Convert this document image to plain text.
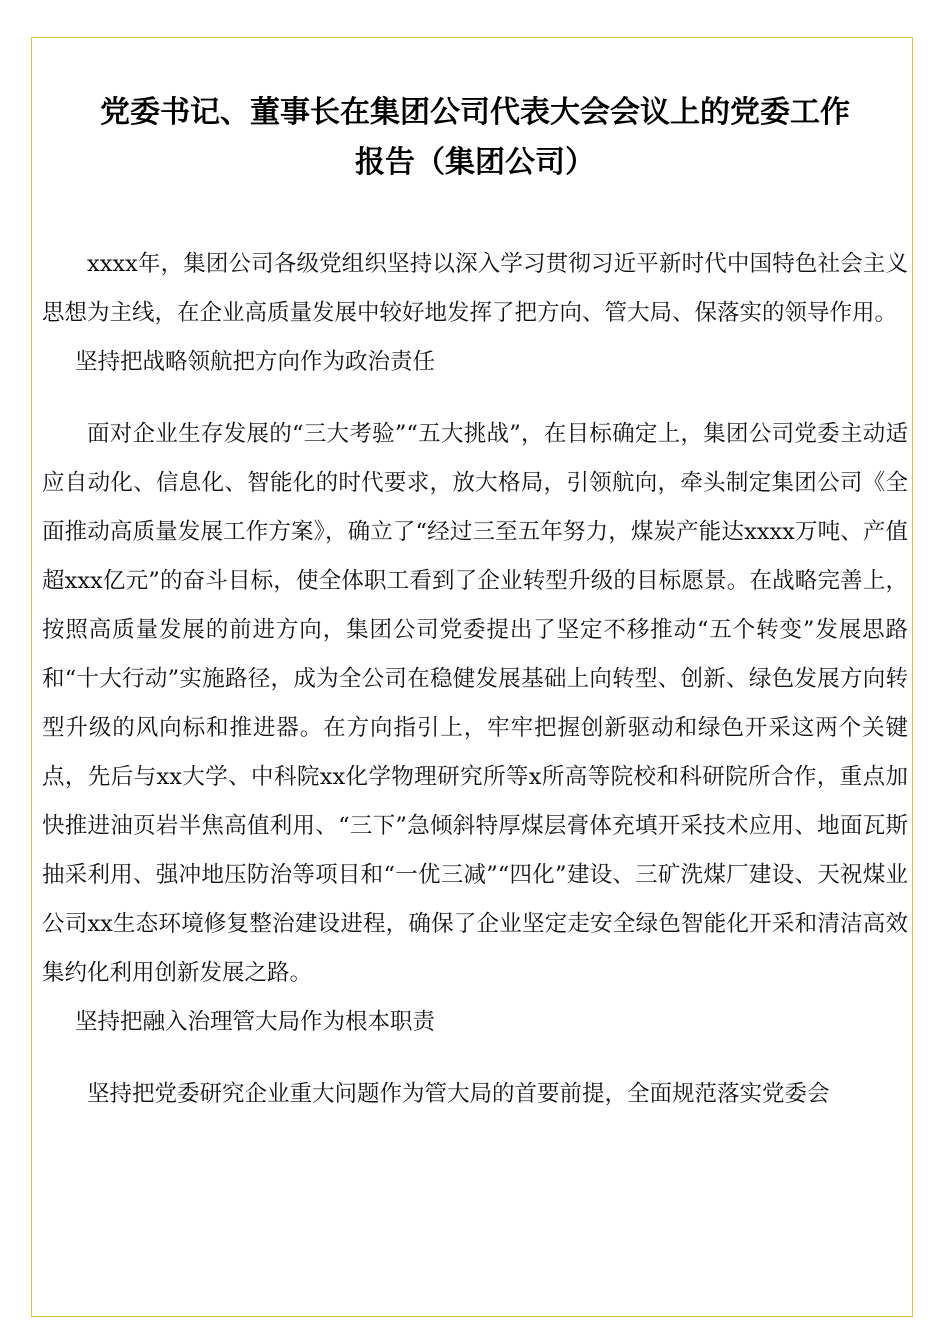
党委书记、董事长在集团公司代表大会会议上的党委工作
报告（集团公司）

xxxx年，集团公司各级党组织坚持以深入学习贯彻习近平新时代中国特色社会主义思想为主线，在企业高质量发展中较好地发挥了把方向、管大局、保落实的领导作用。

坚持把战略领航把方向作为政治责任

面对企业生存发展的“三大考验”“五大挑战”，在目标确定上，集团公司党委主动适应自动化、信息化、智能化的时代要求，放大格局，引领航向，牵头制定集团公司《全面推动高质量发展工作方案》，确立了“经过三至五年努力，煤炭产能达xxxx万吨、产值超xxx亿元”的奋斗目标，使全体职工看到了企业转型升级的目标愿景。在战略完善上，按照高质量发展的前进方向，集团公司党委提出了坚定不移推动“五个转变”发展思路和“十大行动”实施路径，成为全公司在稳健发展基础上向转型、创新、绿色发展方向转型升级的风向标和推进器。在方向指引上，牢牢把握创新驱动和绿色开采这两个关键点，先后与xx大学、中科院xx化学物理研究所等x所高等院校和科研院所合作，重点加快推进油页岩半焦高值利用、“三下”急倾斜特厚煤层膏体充填开采技术应用、地面瓦斯抽采利用、强冲地压防治等项目和“一优三减”“四化”建设、三矿洗煤厂建设、天祝煤业公司xx生态环境修复整治建设进程，确保了企业坚定走安全绿色智能化开采和清洁高效集约化利用创新发展之路。

坚持把融入治理管大局作为根本职责

坚持把党委研究企业重大问题作为管大局的首要前提，全面规范落实党委会
